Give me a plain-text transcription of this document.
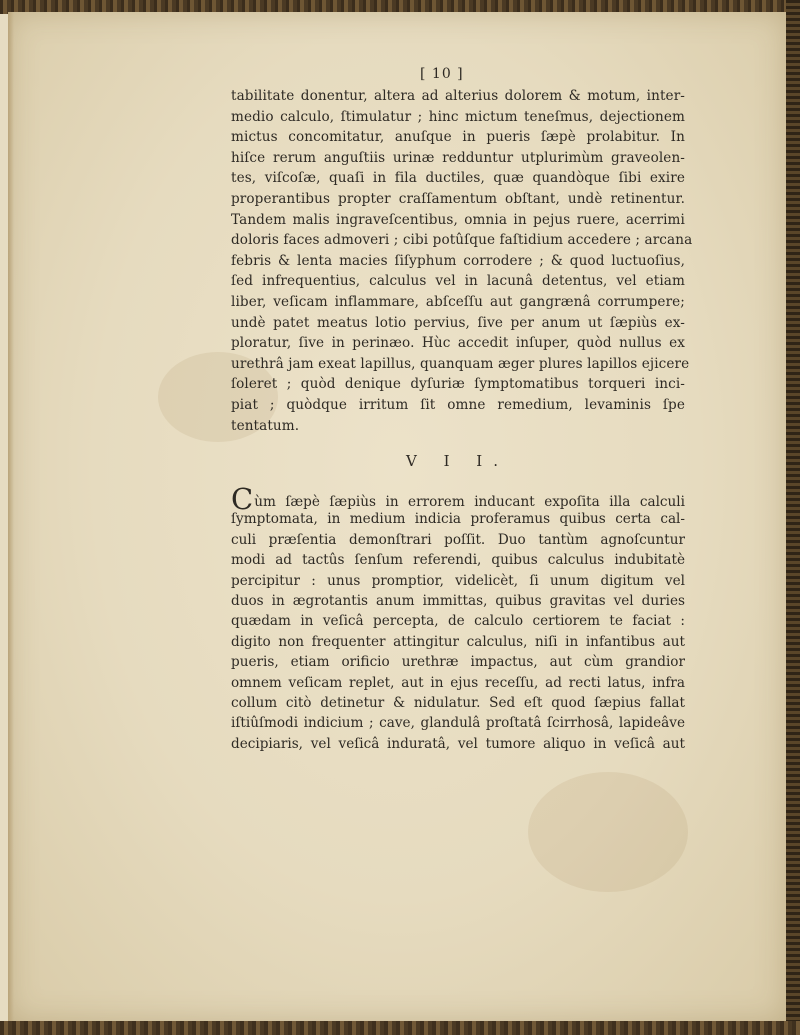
[ 10 ]
tabilitate donentur, altera ad alterius dolorem & motum, inter-
medio calculo, ſtimulatur ; hinc mictum teneſmus, dejectionem
mictus concomitatur, anuſque in pueris ſæpè prolabitur. In
hiſce rerum anguſtiis urinæ redduntur utplurimùm graveolen-
tes, viſcoſæ, quaſi in fila ductiles, quæ quandòque ſibi exire
properantibus propter craſſamentum obſtant, undè retinentur.
Tandem malis ingraveſcentibus, omnia in pejus ruere, acerrimi
doloris faces admoveri ; cibi potûſque faſtidium accedere ; arcana
febris & lenta macies ſiſyphum corrodere ; & quod luctuoſius,
ſed infrequentius, calculus vel in lacunâ detentus, vel etiam
liber, veſicam inflammare, abſceſſu aut gangrænâ corrumpere;
undè patet meatus lotio pervius, ſive per anum ut ſæpiùs ex-
ploratur, ſive in perinæo. Hùc accedit inſuper, quòd nullus ex
urethrâ jam exeat lapillus, quanquam æger plures lapillos ejicere
ſoleret ; quòd denique dyſuriæ ſymptomatibus torqueri inci-
piat ; quòdque irritum ſit omne remedium, levaminis ſpe
tentatum.
V I I.
Cùm ſæpè ſæpiùs in errorem inducant expoſita illa calculi
ſymptomata, in medium indicia proferamus quibus certa cal-
culi præſentia demonſtrari poſſit. Duo tantùm agnoſcuntur
modi ad tactûs ſenſum referendi, quibus calculus indubitatè
percipitur : unus promptior, videlicèt, ſi unum digitum vel
duos in ægrotantis anum immittas, quibus gravitas vel duries
quædam in veſicâ percepta, de calculo certiorem te faciat :
digito non frequenter attingitur calculus, niſi in infantibus aut
pueris, etiam orificio urethræ impactus, aut cùm grandior
omnem veſicam replet, aut in ejus receſſu, ad recti latus, infra
collum citò detinetur & nidulatur. Sed eſt quod ſæpius fallat
iſtiûſmodi indicium ; cave, glandulâ proſtatâ ſcirrhosâ, lapideâve
decipiaris, vel veſicâ induratâ, vel tumore aliquo in veſicâ aut
